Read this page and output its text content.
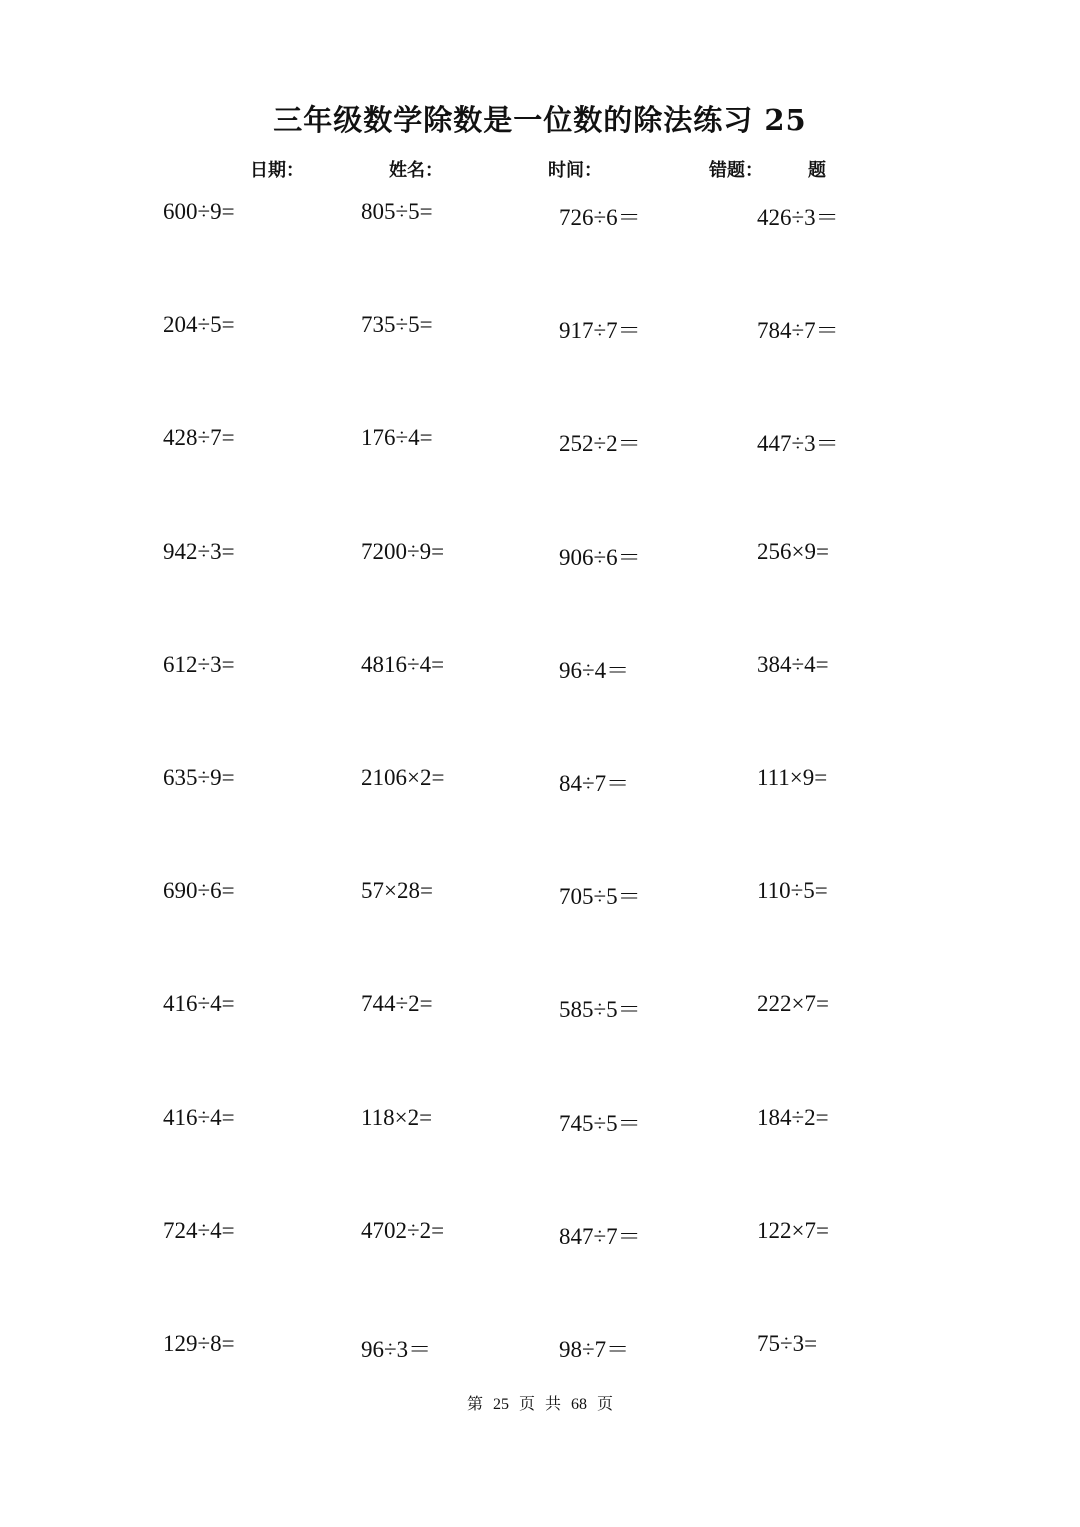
三年级数学除数是一位数的除法练习 25
日期：	姓名：	时间：	错题：	题
600÷9=	805÷5=	726÷6＝	426÷3＝
204÷5=	735÷5=	917÷7＝	784÷7＝
428÷7=	176÷4=	252÷2＝	447÷3＝
942÷3=	7200÷9=	906÷6＝	256×9=
612÷3=	4816÷4=	96÷4＝	384÷4=
635÷9=	2106×2=	84÷7＝	111×9=
690÷6=	57×28=	705÷5＝	110÷5=
416÷4=	744÷2=	585÷5＝	222×7=
416÷4=	118×2=	745÷5＝	184÷2=
724÷4=	4702÷2=	847÷7＝	122×7=
129÷8=	96÷3＝	98÷7＝	75÷3=
第 25 页 共 68 页
